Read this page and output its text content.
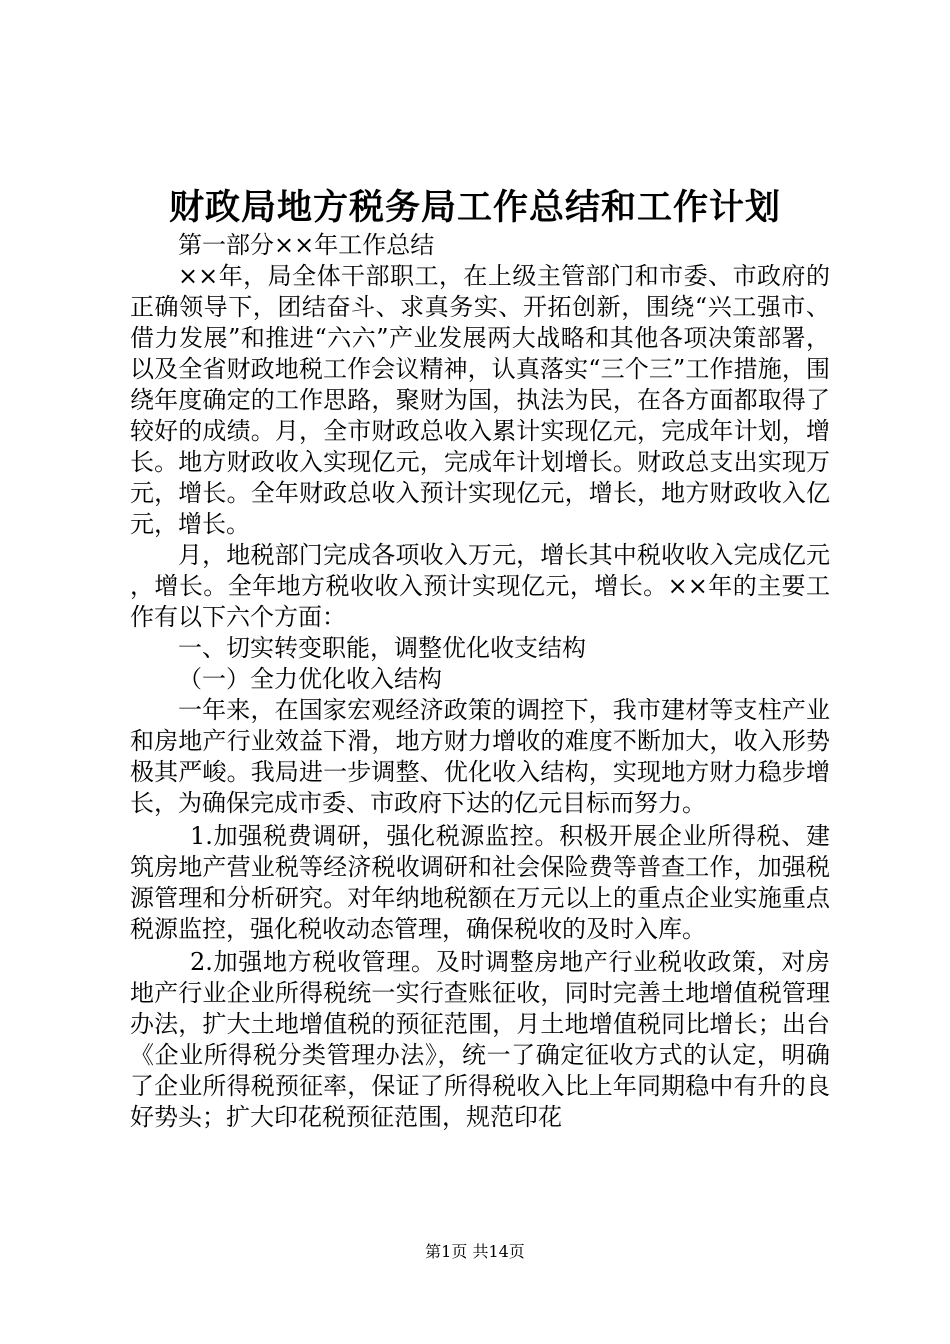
财政局地方税务局工作总结和工作计划

第一部分××年工作总结

××年，局全体干部职工，在上级主管部门和市委、市政府的正确领导下，团结奋斗、求真务实、开拓创新，围绕“兴工强市、借力发展”和推进“六六”产业发展两大战略和其他各项决策部署，以及全省财政地税工作会议精神，认真落实“三个三”工作措施，围绕年度确定的工作思路，聚财为国，执法为民，在各方面都取得了较好的成绩。月，全市财政总收入累计实现亿元，完成年计划，增长。地方财政收入实现亿元，完成年计划增长。财政总支出实现万元，增长。全年财政总收入预计实现亿元，增长，地方财政收入亿元，增长。

月，地税部门完成各项收入万元，增长其中税收收入完成亿元，增长。全年地方税收收入预计实现亿元，增长。××年的主要工作有以下六个方面：

一、切实转变职能，调整优化收支结构

（一）全力优化收入结构

一年来，在国家宏观经济政策的调控下，我市建材等支柱产业和房地产行业效益下滑，地方财力增收的难度不断加大，收入形势极其严峻。我局进一步调整、优化收入结构，实现地方财力稳步增长，为确保完成市委、市政府下达的亿元目标而努力。

1.加强税费调研，强化税源监控。积极开展企业所得税、建筑房地产营业税等经济税收调研和社会保险费等普查工作，加强税源管理和分析研究。对年纳地税额在万元以上的重点企业实施重点税源监控，强化税收动态管理，确保税收的及时入库。

2.加强地方税收管理。及时调整房地产行业税收政策，对房地产行业企业所得税统一实行查账征收，同时完善土地增值税管理办法，扩大土地增值税的预征范围，月土地增值税同比增长；出台《企业所得税分类管理办法》，统一了确定征收方式的认定，明确了企业所得税预征率，保证了所得税收入比上年同期稳中有升的良好势头；扩大印花税预征范围，规范印花

第1页 共14页
